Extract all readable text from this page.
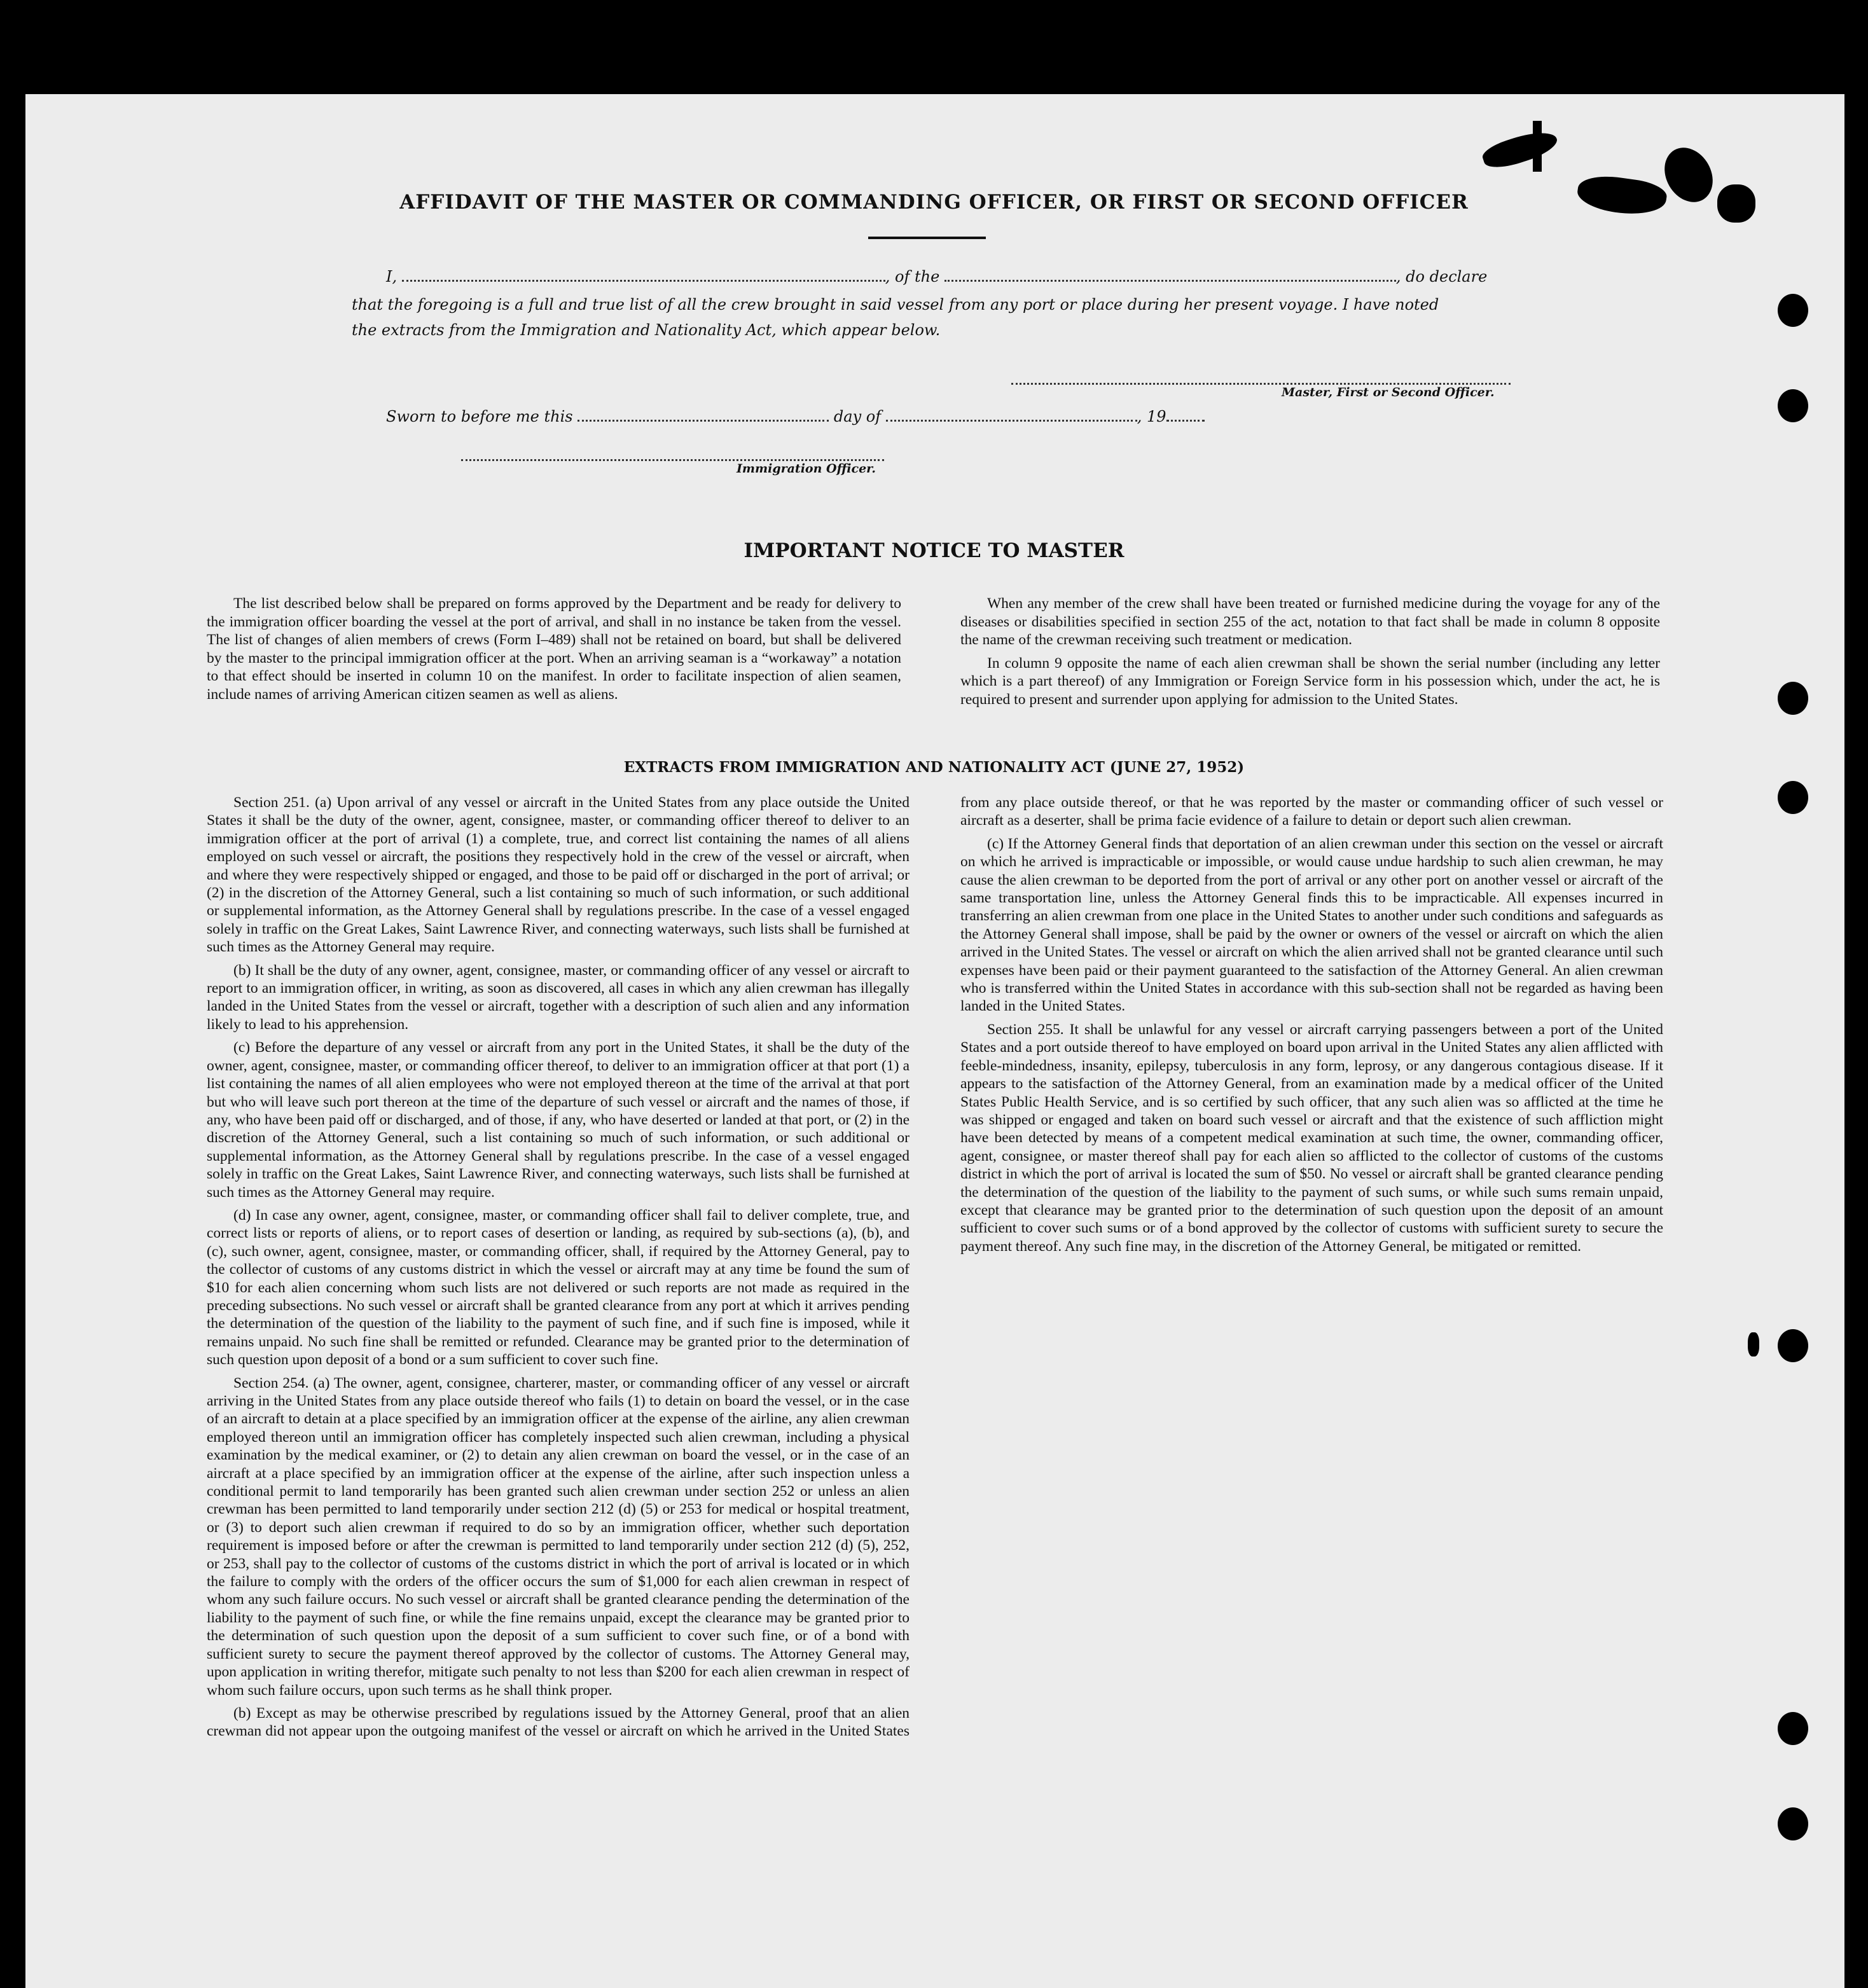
AFFIDAVIT OF THE MASTER OR COMMANDING OFFICER, OR FIRST OR SECOND OFFICER
I,	, of the	, do declare
that the foregoing is a full and true list of all the crew brought in said vessel from any port or place during her present voyage. I have noted
the extracts from the Immigration and Nationality Act, which appear below.
Master, First or Second Officer.
Sworn to before me this	day of	, 19
Immigration Officer.
IMPORTANT NOTICE TO MASTER

The list described below shall be prepared on forms approved by the Department and be ready for delivery to the immigration officer boarding the vessel at the port of arrival, and shall in no instance be taken from the vessel. The list of changes of alien members of crews (Form I–489) shall not be retained on board, but shall be delivered by the master to the principal immigration officer at the port. When an arriving seaman is a “workaway” a notation to that effect should be inserted in column 10 on the manifest. In order to facilitate inspection of alien seamen, include names of arriving American citizen seamen as well as aliens.

When any member of the crew shall have been treated or furnished medicine during the voyage for any of the diseases or disabilities specified in section 255 of the act, notation to that fact shall be made in column 8 opposite the name of the crewman receiving such treatment or medication.

In column 9 opposite the name of each alien crewman shall be shown the serial number (including any letter which is a part thereof) of any Immigration or Foreign Service form in his possession which, under the act, he is required to present and surrender upon applying for admission to the United States.

EXTRACTS FROM IMMIGRATION AND NATIONALITY ACT (JUNE 27, 1952)

Section 251. (a) Upon arrival of any vessel or aircraft in the United States from any place outside the United States it shall be the duty of the owner, agent, consignee, master, or commanding officer thereof to deliver to an immigration officer at the port of arrival (1) a complete, true, and correct list containing the names of all aliens employed on such vessel or aircraft, the positions they respectively hold in the crew of the vessel or aircraft, when and where they were respectively shipped or engaged, and those to be paid off or discharged in the port of arrival; or (2) in the discretion of the Attorney General, such a list containing so much of such information, or such additional or supplemental information, as the Attorney General shall by regulations prescribe. In the case of a vessel engaged solely in traffic on the Great Lakes, Saint Lawrence River, and connecting waterways, such lists shall be furnished at such times as the Attorney General may require.

(b) It shall be the duty of any owner, agent, consignee, master, or commanding officer of any vessel or aircraft to report to an immigration officer, in writing, as soon as discovered, all cases in which any alien crewman has illegally landed in the United States from the vessel or aircraft, together with a description of such alien and any information likely to lead to his apprehension.

(c) Before the departure of any vessel or aircraft from any port in the United States, it shall be the duty of the owner, agent, consignee, master, or commanding officer thereof, to deliver to an immigration officer at that port (1) a list containing the names of all alien employees who were not employed thereon at the time of the arrival at that port but who will leave such port thereon at the time of the departure of such vessel or aircraft and the names of those, if any, who have been paid off or discharged, and of those, if any, who have deserted or landed at that port, or (2) in the discretion of the Attorney General, such a list containing so much of such information, or such additional or supplemental information, as the Attorney General shall by regulations prescribe. In the case of a vessel engaged solely in traffic on the Great Lakes, Saint Lawrence River, and connecting waterways, such lists shall be furnished at such times as the Attorney General may require.

(d) In case any owner, agent, consignee, master, or commanding officer shall fail to deliver complete, true, and correct lists or reports of aliens, or to report cases of desertion or landing, as required by sub-sections (a), (b), and (c), such owner, agent, consignee, master, or commanding officer, shall, if required by the Attorney General, pay to the collector of customs of any customs district in which the vessel or aircraft may at any time be found the sum of $10 for each alien concerning whom such lists are not delivered or such reports are not made as required in the preceding subsections. No such vessel or aircraft shall be granted clearance from any port at which it arrives pending the determination of the question of the liability to the payment of such fine, and if such fine is imposed, while it remains unpaid. No such fine shall be remitted or refunded. Clearance may be granted prior to the determination of such question upon deposit of a bond or a sum sufficient to cover such fine.

Section 254. (a) The owner, agent, consignee, charterer, master, or commanding officer of any vessel or aircraft arriving in the United States from any place outside thereof who fails (1) to detain on board the vessel, or in the case of an aircraft to detain at a place specified by an immigration officer at the expense of the airline, any alien crewman employed thereon until an immigration officer has completely inspected such alien crewman, including a physical examination by the medical examiner, or (2) to detain any alien crewman on board the vessel, or in the case of an aircraft at a place specified by an immigration officer at the expense of the airline, after such inspection unless a conditional permit to land temporarily has been granted such alien crewman under section 252 or unless an alien crewman has been permitted to land temporarily under section 212 (d) (5) or 253 for medical or hospital treatment, or (3) to deport such alien crewman if required to do so by an immigration officer, whether such deportation requirement is imposed before or after the crewman is permitted to land temporarily under section 212 (d) (5), 252, or 253, shall pay to the collector of customs of the customs district in which the port of arrival is located or in which the failure to comply with the orders of the officer occurs the sum of $1,000 for each alien crewman in respect of whom any such failure occurs. No such vessel or aircraft shall be granted clearance pending the determination of the liability to the payment of such fine, or while the fine remains unpaid, except the clearance may be granted prior to the determination of such question upon the deposit of a sum sufficient to cover such fine, or of a bond with sufficient surety to secure the payment thereof approved by the collector of customs. The Attorney General may, upon application in writing therefor, mitigate such penalty to not less than $200 for each alien crewman in respect of whom such failure occurs, upon such terms as he shall think proper.

(b) Except as may be otherwise prescribed by regulations issued by the Attorney General, proof that an alien crewman did not appear upon the outgoing manifest of the vessel or aircraft on which he arrived in the United States from any place outside thereof, or that he was reported by the master or commanding officer of such vessel or aircraft as a deserter, shall be prima facie evidence of a failure to detain or deport such alien crewman.

(c) If the Attorney General finds that deportation of an alien crewman under this section on the vessel or aircraft on which he arrived is impracticable or impossible, or would cause undue hardship to such alien crewman, he may cause the alien crewman to be deported from the port of arrival or any other port on another vessel or aircraft of the same transportation line, unless the Attorney General finds this to be impracticable. All expenses incurred in transferring an alien crewman from one place in the United States to another under such conditions and safeguards as the Attorney General shall impose, shall be paid by the owner or owners of the vessel or aircraft on which the alien arrived in the United States. The vessel or aircraft on which the alien arrived shall not be granted clearance until such expenses have been paid or their payment guaranteed to the satisfaction of the Attorney General. An alien crewman who is transferred within the United States in accordance with this sub-section shall not be regarded as having been landed in the United States.

Section 255. It shall be unlawful for any vessel or aircraft carrying passengers between a port of the United States and a port outside thereof to have employed on board upon arrival in the United States any alien afflicted with feeble-mindedness, insanity, epilepsy, tuberculosis in any form, leprosy, or any dangerous contagious disease. If it appears to the satisfaction of the Attorney General, from an examination made by a medical officer of the United States Public Health Service, and is so certified by such officer, that any such alien was so afflicted at the time he was shipped or engaged and taken on board such vessel or aircraft and that the existence of such affliction might have been detected by means of a competent medical examination at such time, the owner, commanding officer, agent, consignee, or master thereof shall pay for each alien so afflicted to the collector of customs of the customs district in which the port of arrival is located the sum of $50. No vessel or aircraft shall be granted clearance pending the determination of the question of the liability to the payment of such sums, or while such sums remain unpaid, except that clearance may be granted prior to the determination of such question upon the deposit of an amount sufficient to cover such sums or of a bond approved by the collector of customs with sufficient surety to secure the payment thereof. Any such fine may, in the discretion of the Attorney General, be mitigated or remitted.
